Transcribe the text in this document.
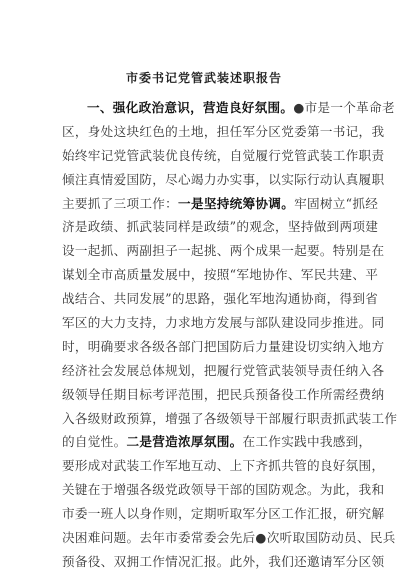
市委书记党管武装述职报告
一、强化政治意识，营造良好氛围。●市是一个革命老
区，身处这块红色的土地，担任军分区党委第一书记，我
始终牢记党管武装优良传统，自觉履行党管武装工作职责
倾注真情爱国防，尽心竭力办实事，以实际行动认真履职
主要抓了三项工作：一是坚持统筹协调。牢固树立“抓经
济是政绩、抓武装同样是政绩”的观念，坚持做到两项建
设一起抓、两副担子一起挑、两个成果一起要。特别是在
谋划全市高质量发展中，按照“军地协作、军民共建、平
战结合、共同发展”的思路，强化军地沟通协商，得到省
军区的大力支持，力求地方发展与部队建设同步推进。同
时，明确要求各级各部门把国防后力量建设切实纳入地方
经济社会发展总体规划，把履行党管武装领导责任纳入各
级领导任期目标考评范围，把民兵预备役工作所需经费纳
入各级财政预算，增强了各级领导干部履行职责抓武装工作
的自觉性。二是营造浓厚氛围。在工作实践中我感到，
要形成对武装工作军地互动、上下齐抓共管的良好氛围，
关键在于增强各级党政领导干部的国防观念。为此，我和
市委一班人以身作则，定期听取军分区工作汇报，研究解
决困难问题。去年市委常委会先后●次听取国防动员、民兵
预备役、双拥工作情况汇报。此外，我们还邀请军分区领
